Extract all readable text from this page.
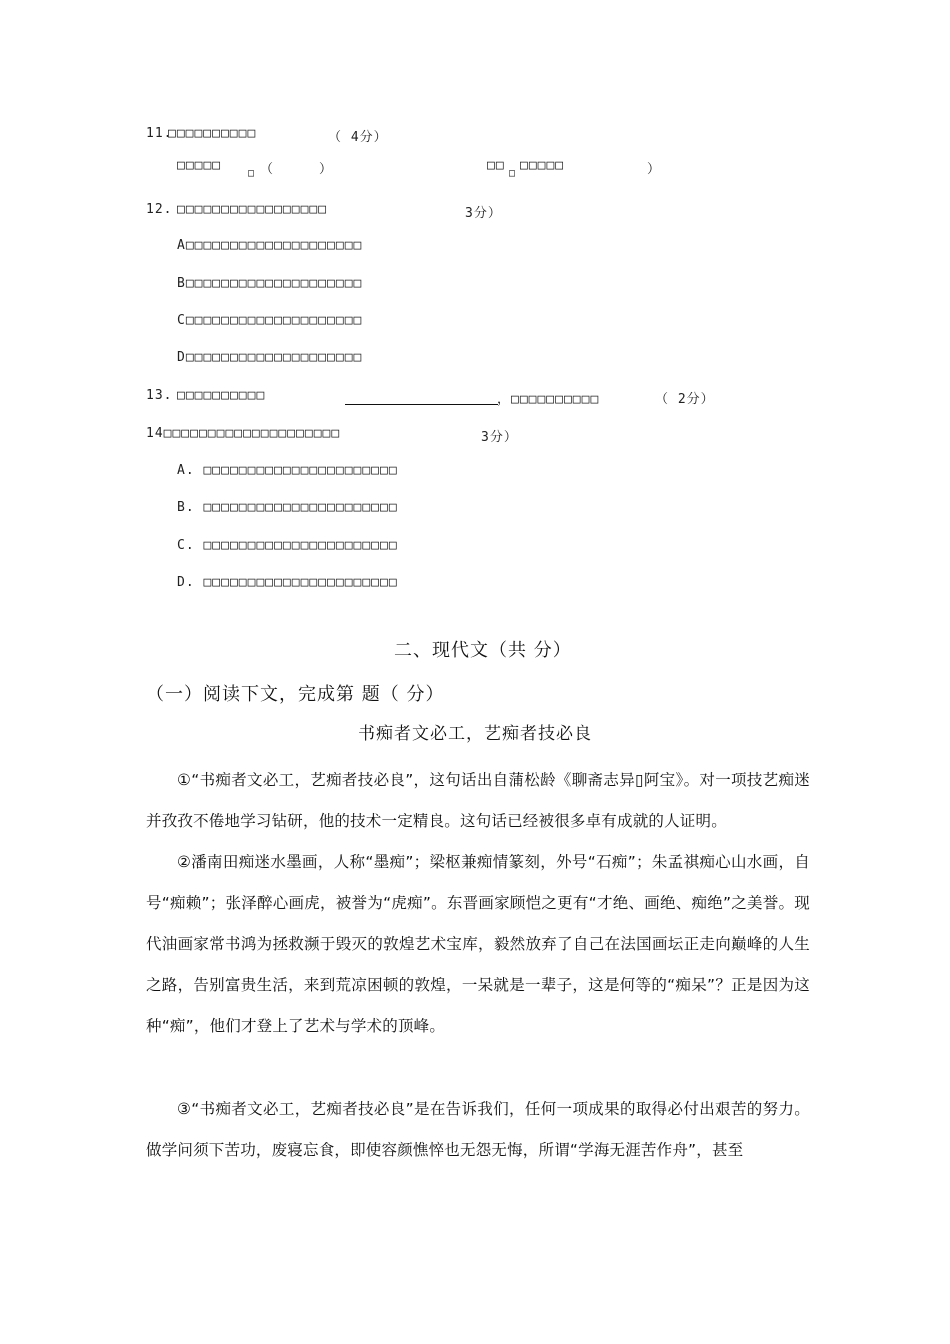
11.
□□□□□□□□□□	（ 4分）
□□□□□
□ （	）	□□
□
□□□□□	）
12. □□□□□□□□□□□□□□□□□	3分）
A□□□□□□□□□□□□□□□□□□□□
B□□□□□□□□□□□□□□□□□□□□
C□□□□□□□□□□□□□□□□□□□□
D□□□□□□□□□□□□□□□□□□□□
13. □□□□□□□□□□	，□□□□□□□□□□	（ 2分）
14□□□□□□□□□□□□□□□□□□□□	3分）
A. □□□□□□□□□□□□□□□□□□□□□□
B. □□□□□□□□□□□□□□□□□□□□□□
C. □□□□□□□□□□□□□□□□□□□□□□
D. □□□□□□□□□□□□□□□□□□□□□□
二、现代文（共 分）
（一）阅读下文，完成第 题（ 分）
书痴者文必工，艺痴者技必良
①“书痴者文必工，艺痴者技必良”，这句话出自蒲松龄《聊斋志异▯阿宝》。对一项技艺痴迷并孜孜不倦地学习钻研，他的技术一定精良。这句话已经被很多卓有成就的人证明。
②潘南田痴迷水墨画，人称“墨痴”；梁枢兼痴情篆刻，外号“石痴”；朱孟祺痴心山水画，自号“痴赖”；张泽醉心画虎，被誉为“虎痴”。东晋画家顾恺之更有“才绝、画绝、痴绝”之美誉。现代油画家常书鸿为拯救濒于毁灭的敦煌艺术宝库，毅然放弃了自己在法国画坛正走向巅峰的人生之路，告别富贵生活，来到荒凉困顿的敦煌，一呆就是一辈子，这是何等的“痴呆”？正是因为这种“痴”，他们才登上了艺术与学术的顶峰。
③“书痴者文必工，艺痴者技必良”是在告诉我们，任何一项成果的取得必付出艰苦的努力。做学问须下苦功，废寝忘食，即使容颜憔悴也无怨无悔，所谓“学海无涯苦作舟”，甚至
